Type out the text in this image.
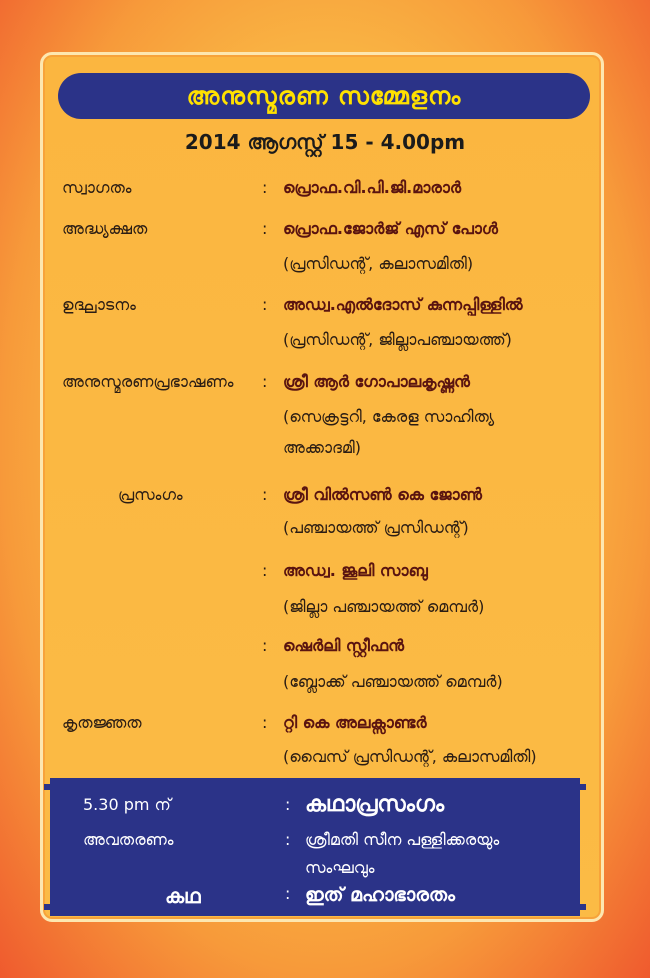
അനുസ്മരണ സമ്മേളനം
2014 ആഗസ്റ്റ് 15 - 4.00pm
സ്വാഗതം	: പ്രൊഫ.വി.പി.ജി.മാരാർ
അദ്ധ്യക്ഷത	: പ്രൊഫ.ജോർജ് എസ് പോൾ
(പ്രസിഡന്റ്, കലാസമിതി)
ഉദ്ഘാടനം	: അഡ്വ.എൽദോസ് കുന്നപ്പിള്ളിൽ
(പ്രസിഡന്റ്, ജില്ലാപഞ്ചായത്ത്)
അനുസ്മരണപ്രഭാഷണം : ശ്രീ ആർ ഗോപാലകൃഷ്ണൻ
(സെക്രട്ടറി, കേരള സാഹിത്യ
അക്കാദമി)
പ്രസംഗം	: ശ്രീ വിൽസൺ കെ ജോൺ
(പഞ്ചായത്ത് പ്രസിഡന്റ്)
: അഡ്വ. ജൂലി സാബു
(ജില്ലാ പഞ്ചായത്ത് മെമ്പർ)
: ഷെർലി സ്റ്റീഫൻ
(ബ്ലോക്ക് പഞ്ചായത്ത് മെമ്പർ)
കൃതജ്ഞത	: റ്റി കെ അലക്സാണ്ടർ
(വൈസ് പ്രസിഡന്റ്, കലാസമിതി)
5.30 pm ന്	: കഥാപ്രസംഗം
അവതരണം	: ശ്രീമതി സീന പള്ളിക്കരയും
സംഘവും
കഥ	: ഇത് മഹാഭാരതം
